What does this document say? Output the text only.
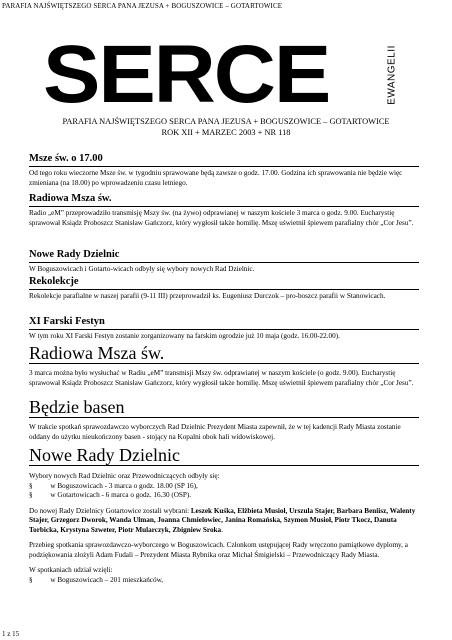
PARAFIA NAJŚWIĘTSZEGO SERCA PANA JEZUSA + BOGUSZOWICE – GOTARTOWICE
SERCE	EWANGELII
PARAFIA NAJŚWIĘTSZEGO SERCA PANA JEZUSA + BOGUSZOWICE – GOTARTOWICE
ROK XII + MARZEC 2003 + NR 118
Msze św. o 17.00
Od tego roku wieczorne Msze św. w tygodniu sprawowane będą zawsze o godz. 17.00. Godzina ich sprawowania nie będzie więc zmieniana (na 18.00) po wprowadzeniu czasu letniego.
Radiowa Msza św.
Radio „eM” przeprowadziło transmisję Mszy św. (na żywo) odprawianej w naszym kościele 3 marca o godz. 9.00. Eucharystię sprawował Ksiądz Proboszcz Stanisław Gańczorz, który wygłosił także homilię. Mszę uświetnił śpiewem parafialny chór „Cor Jesu”.
Nowe Rady Dzielnic
W Boguszowicach i Gotarto-wicach odbyły się wybory nowych Rad Dzielnic.
Rekolekcje
Rekolekcje parafialne w naszej parafii (9-11 III) przeprowadził ks. Eugeniusz Durczok – pro-boszcz parafii w Stanowicach.
XI Farski Festyn
W tym roku XI Farski Festyn zostanie zorganizowany na farskim ogrodzie już 10 maja (godz. 16.00-22.00).
Radiowa Msza św.
3 marca można było wysłuchać w Radiu „eM” transmisji Mszy św. odprawianej w naszym kościele (o godz. 9.00). Eucharystię sprawował Ksiądz Proboszcz Stanisław Gańczorz, który wygłosił także homilię. Mszę uświetnił śpiewem parafialny chór „Cor Jesu”.
Będzie basen
W trakcie spotkań sprawozdawczo wyborczych Rad Dzielnic Prezydent Miasta zapewnił, że w tej kadencji Rady Miasta zostanie oddany do użytku nieukończony basen - stojący na Kopalni obok hali widowiskowej.
Nowe Rady Dzielnic
Wybory nowych Rad Dzielnic oraz Przewodniczących odbyły się:
§ w Boguszowicach - 3 marca o godz. 18.00 (SP 16),
§ w Gotartowicach - 6 marca o godz. 16.30 (OSP).
Do nowej Rady Dzielnicy Gotartowice zostali wybrani: Leszek Kuśka, Elżbieta Musioł, Urszula Stajer, Barbara Beniisz, Walenty Stajer, Grzegorz Dworok, Wanda Ulman, Joanna Chmielowiec, Janina Romańska, Szymon Musioł, Piotr Tkocz, Danuta Torbicka, Krystyna Szweter, Piotr Mularczyk, Zbigniew Sroka.
Przebieg spotkania sprawozdawczo-wyborczego w Boguszowicach. Członkom ustępującej Rady wręczono pamiątkowe dyplomy, a podziękowania złożyli Adam Fudali – Prezydent Miasta Rybnika oraz Michał Śmigielski – Przewodniczący Rady Miasta.
W spotkaniach udział wzięli:
§ w Boguszowicach – 201 mieszkańców,
1 z 15
